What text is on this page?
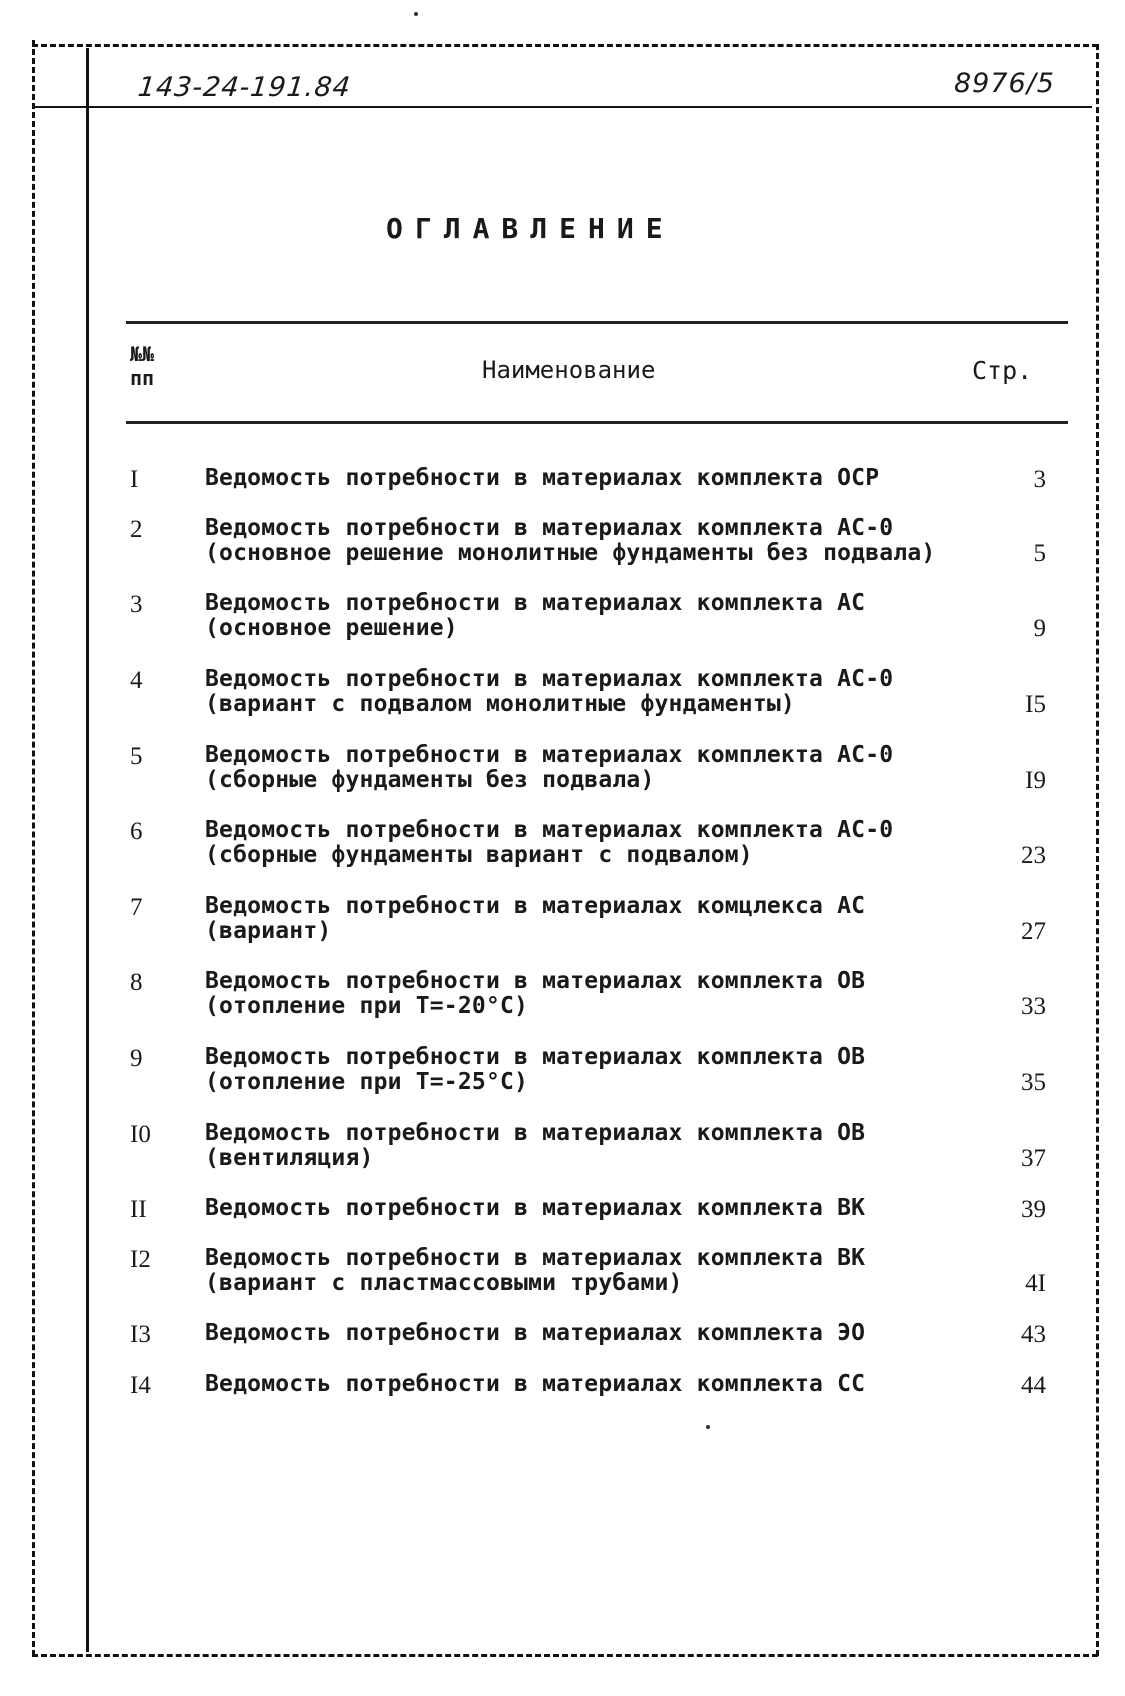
143-24-191.84	8976/5
ОГЛАВЛЕНИЕ
№№
пп	Наименование	Стр.
I	Ведомость потребности в материалах комплекта ОСР	3
2	Ведомость потребности в материалах комплекта АС-0
(основное решение монолитные фундаменты без подвала)	5
3	Ведомость потребности в материалах комплекта АС
(основное решение)	9
4	Ведомость потребности в материалах комплекта АС-0
(вариант с подвалом монолитные фундаменты)	I5
5	Ведомость потребности в материалах комплекта АС-0
(сборные фундаменты без подвала)	I9
6	Ведомость потребности в материалах комплекта АС-0
(сборные фундаменты вариант с подвалом)	23
7	Ведомость потребности в материалах комцлекса АС
(вариант)	27
8	Ведомость потребности в материалах комплекта ОВ
(отопление при Т=-20°С)	33
9	Ведомость потребности в материалах комплекта ОВ
(отопление при Т=-25°С)	35
I0 Ведомость потребности в материалах комплекта ОВ
(вентиляция)	37
II	Ведомость потребности в материалах комплекта ВК	39
I2 Ведомость потребности в материалах комплекта ВК
(вариант с пластмассовыми трубами)	4I
I3 Ведомость потребности в материалах комплекта ЭО	43
I4 Ведомость потребности в материалах комплекта СС	44
